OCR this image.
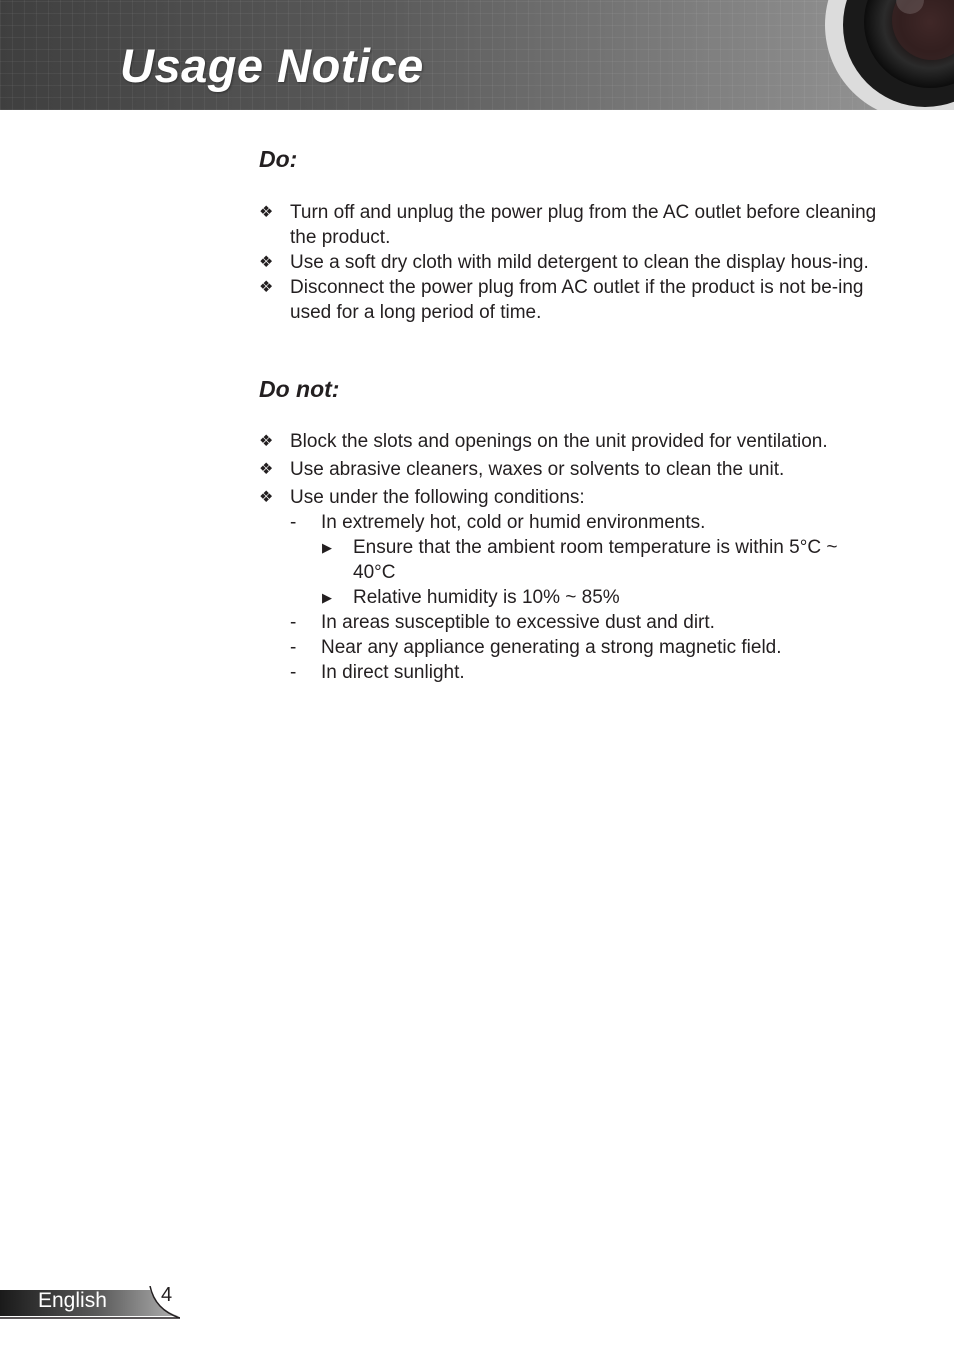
Usage Notice
Do:
❖ Turn off and unplug the power plug from the AC outlet before cleaning the product.
❖ Use a soft dry cloth with mild detergent to clean the display hous-ing.
❖ Disconnect the power plug from AC outlet if the product is not be-ing used for a long period of time.
Do not:
❖ Block the slots and openings on the unit provided for ventilation.
❖ Use abrasive cleaners, waxes or solvents to clean the unit.
❖ Use under the following conditions:
- In extremely hot, cold or humid environments.
▶ Ensure that the ambient room temperature is within 5°C ~ 40°C
▶ Relative humidity is 10% ~ 85%
- In areas susceptible to excessive dust and dirt.
- Near any appliance generating a strong magnetic field.
- In direct sunlight.
English	4
